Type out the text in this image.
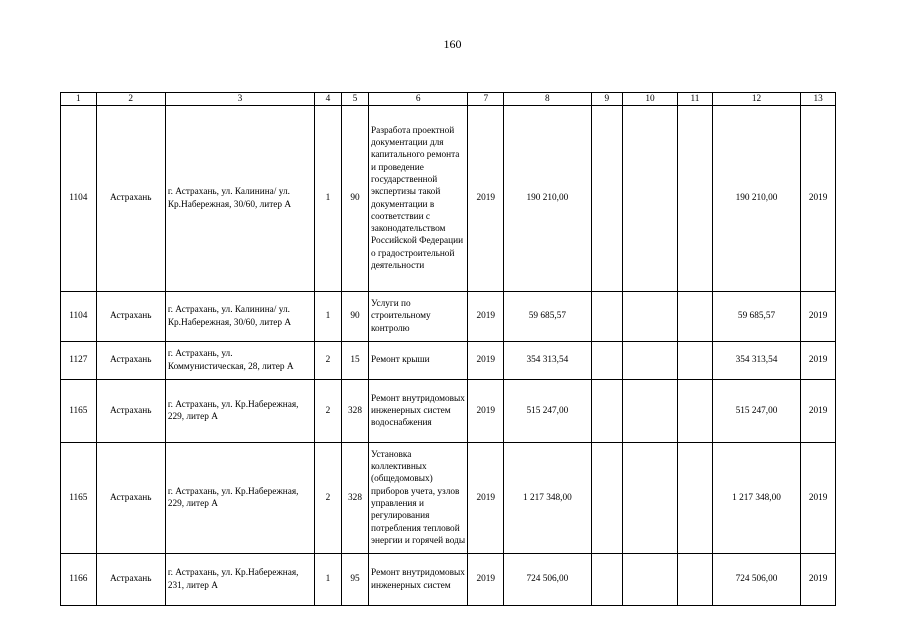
160
1	2	3	4	5	6	7	8	9	10	11	12	13
1104	Астрахань	г. Астрахань, ул. Калинина/ ул. Кр.Набережная, 30/60, литер А	1	90	Разработа проектной документации для капитального ремонта и проведение государственной экспертизы такой документации в соответствии с законодательством Российской Федерации о градостроительной деятельности	2019	190 210,00				190 210,00	2019
1104	Астрахань	г. Астрахань, ул. Калинина/ ул. Кр.Набережная, 30/60, литер А	1	90	Услуги по строительному контролю	2019	59 685,57				59 685,57	2019
1127	Астрахань	г. Астрахань, ул. Коммунистическая, 28, литер А	2	15	Ремонт крыши	2019	354 313,54				354 313,54	2019
1165	Астрахань	г. Астрахань, ул. Кр.Набережная, 229, литер А	2	328	Ремонт внутридомовых инженерных систем водоснабжения	2019	515 247,00				515 247,00	2019
1165	Астрахань	г. Астрахань, ул. Кр.Набережная, 229, литер А	2	328	Установка коллективных (общедомовых) приборов учета, узлов управления и регулирования потребления тепловой энергии и горячей воды	2019	1 217 348,00				1 217 348,00	2019
1166	Астрахань	г. Астрахань, ул. Кр.Набережная, 231, литер А	1	95	Ремонт внутридомовых инженерных систем	2019	724 506,00				724 506,00	2019
